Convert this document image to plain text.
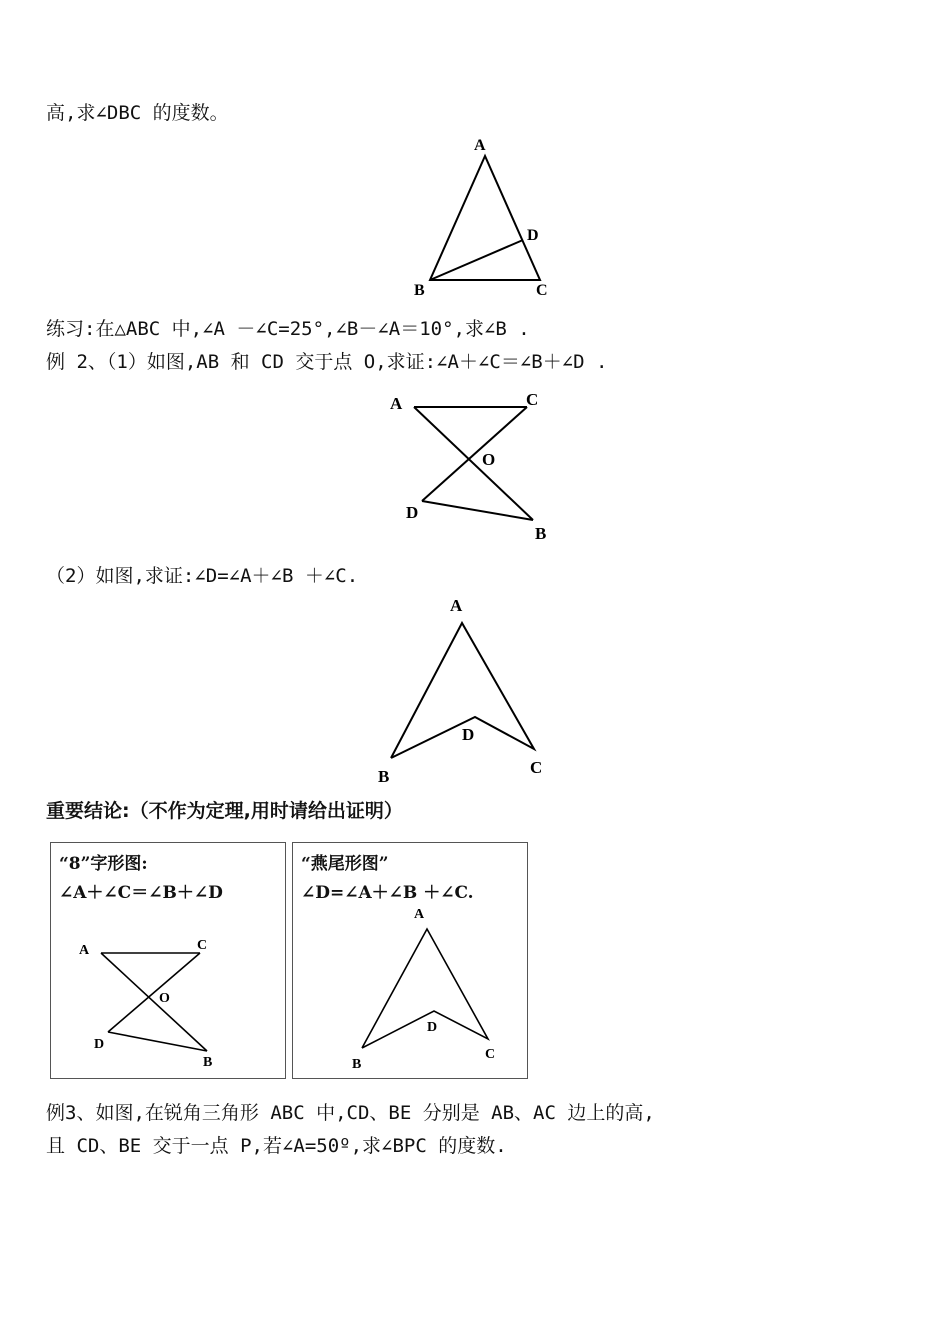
高,求∠DBC 的度数。
A
D
B	C
练习:在△ABC 中,∠A －∠C=25°,∠B－∠A＝10°,求∠B .
例 2、（1）如图,AB 和 CD 交于点 O,求证:∠A＋∠C＝∠B＋∠D .
A	C
O
D
B
（2）如图,求证:∠D=∠A＋∠B ＋∠C.
A
D
B	C
重要结论:（不作为定理,用时请给出证明）
“8”字形图:
∠A＋∠C＝∠B＋∠D
A	C
O
D
B
“燕尾形图”
∠D=∠A＋∠B ＋∠C.
A
D
B
C
例3、如图,在锐角三角形 ABC 中,CD、BE 分别是 AB、AC 边上的高,
且 CD、BE 交于一点 P,若∠A=50º,求∠BPC 的度数.
